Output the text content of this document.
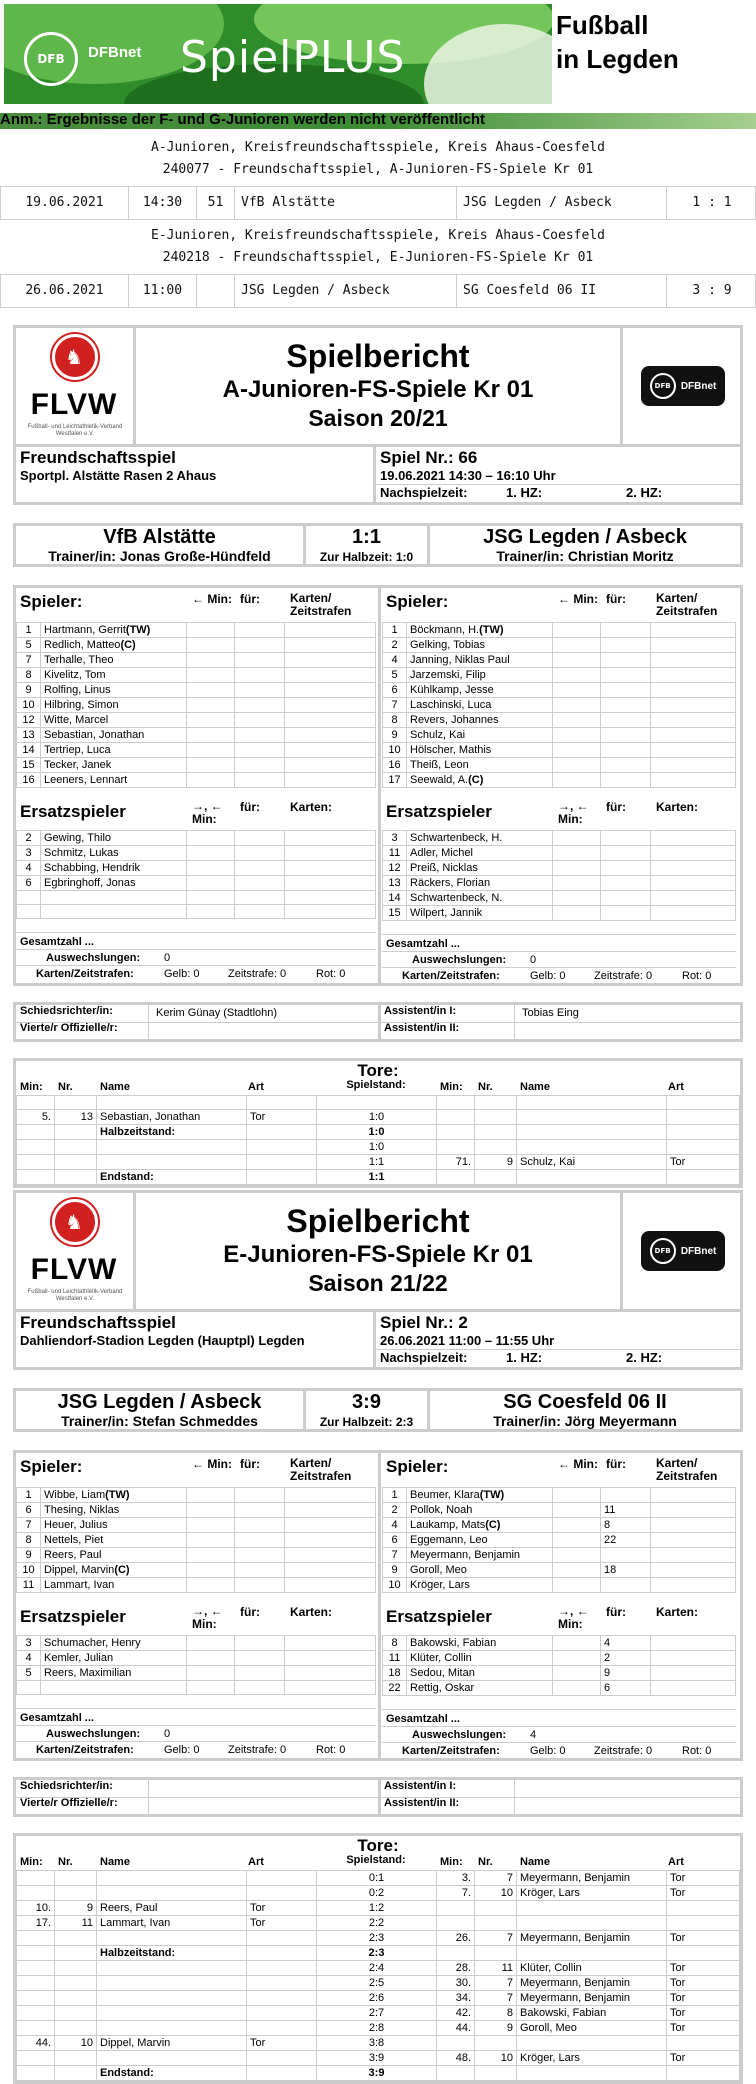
DFB DFBnet SpielPLUS
Fußball
in Legden
Anm.: Ergebnisse der F- und G-Junioren werden nicht veröffentlicht
A-Junioren, Kreisfreundschaftsspiele, Kreis Ahaus-Coesfeld
240077 - Freundschaftsspiel, A-Junioren-FS-Spiele Kr 01
19.06.2021	14:30	51	VfB Alstätte	JSG Legden / Asbeck	1 : 1
E-Junioren, Kreisfreundschaftsspiele, Kreis Ahaus-Coesfeld
240218 - Freundschaftsspiel, E-Junioren-FS-Spiele Kr 01
26.06.2021	11:00	JSG Legden / Asbeck	SG Coesfeld 06 II	3 : 9
♞
FLVW
Fußball- und Leichtathletik-Verband Westfalen e.V.
Spielbericht
A-Junioren-FS-Spiele Kr 01
Saison 20/21
DFB	DFBnet
Freundschaftsspiel
Sportpl. Alstätte Rasen 2 Ahaus
Spiel Nr.: 66
19.06.2021 14:30 – 16:10 Uhr
Nachspielzeit:	1. HZ:	2. HZ:
VfB Alstätte
Trainer/in: Jonas Große-Hündfeld
1:1
Zur Halbzeit: 1:0
JSG Legden / Asbeck
Trainer/in: Christian Moritz
Spieler:	← Min: für:	Karten/ Zeitstrafen
1	Hartmann, Gerrit(TW)			
5	Redlich, Matteo(C)			
7	Terhalle, Theo			
8	Kivelitz, Tom			
9	Rolfing, Linus			
10	Hilbring, Simon			
12	Witte, Marcel			
13	Sebastian, Jonathan			
14	Tertriep, Luca			
15	Tecker, Janek			
16	Leeners, Lennart			
Ersatzspieler	→, ← Min:
für:	Karten:
2	Gewing, Thilo			
3	Schmitz, Lukas			
4	Schabbing, Hendrik			
6	Egbringhoff, Jonas			

Gesamtzahl ...
Auswechslungen: 0
Karten/Zeitstrafen:	Gelb: 0	Zeitstrafe: 0	Rot: 0
Spieler:	← Min: für:	Karten/ Zeitstrafen
1	Böckmann, H.(TW)			
2	Gelking, Tobias			
4	Janning, Niklas Paul			
5	Jarzemski, Filip			
6	Kühlkamp, Jesse			
7	Laschinski, Luca			
8	Revers, Johannes			
9	Schulz, Kai			
10	Hölscher, Mathis			
16	Theiß, Leon			
17	Seewald, A.(C)			
Ersatzspieler	→, ← Min:
für:	Karten:
3	Schwartenbeck, H.			
11	Adler, Michel			
12	Preiß, Nicklas			
13	Räckers, Florian			
14	Schwartenbeck, N.			
15	Wilpert, Jannik			
Gesamtzahl ...
Auswechslungen: 0
Karten/Zeitstrafen:	Gelb: 0	Zeitstrafe: 0	Rot: 0
Schiedsrichter/in:	Kerim Günay (Stadtlohn)
Vierte/r Offizielle/r:
Assistent/in I:	Tobias Eing
Assistent/in II:
Tore:
Min: Nr. Name	Art	Spielstand:	Min: Nr. Name	Art

5.	13	Sebastian, Jonathan	Tor	1:0				
		Halbzeitstand:		1:0				
				1:0				
				1:1	71.	9	Schulz, Kai	Tor
		Endstand:		1:1				
♞
FLVW
Fußball- und Leichtathletik-Verband Westfalen e.V.
Spielbericht
E-Junioren-FS-Spiele Kr 01
Saison 21/22
DFB	DFBnet
Freundschaftsspiel
Dahliendorf-Stadion Legden (Hauptpl) Legden
Spiel Nr.: 2
26.06.2021 11:00 – 11:55 Uhr
Nachspielzeit:	1. HZ:	2. HZ:
JSG Legden / Asbeck
Trainer/in: Stefan Schmeddes
3:9
Zur Halbzeit: 2:3
SG Coesfeld 06 II
Trainer/in: Jörg Meyermann
Spieler:	← Min: für:	Karten/ Zeitstrafen
1	Wibbe, Liam(TW)			
6	Thesing, Niklas			
7	Heuer, Julius			
8	Nettels, Piet			
9	Reers, Paul			
10	Dippel, Marvin(C)			
11	Lammart, Ivan			
Ersatzspieler	→, ← Min:
für:	Karten:
3	Schumacher, Henry			
4	Kemler, Julian			
5	Reers, Maximilian			

Gesamtzahl ...
Auswechslungen: 0
Karten/Zeitstrafen:	Gelb: 0	Zeitstrafe: 0	Rot: 0
Spieler:	← Min: für:	Karten/ Zeitstrafen
1	Beumer, Klara(TW)			
2	Pollok, Noah		11	
4	Laukamp, Mats(C)		8	
6	Eggemann, Leo		22	
7	Meyermann, Benjamin			
9	Goroll, Meo		18	
10	Kröger, Lars			
Ersatzspieler	→, ← Min:
für:	Karten:
8	Bakowski, Fabian		4	
11	Klüter, Collin		2	
18	Sedou, Mitan		9	
22	Rettig, Oskar		6	
Gesamtzahl ...
Auswechslungen: 4
Karten/Zeitstrafen:	Gelb: 0	Zeitstrafe: 0	Rot: 0
Schiedsrichter/in:
Vierte/r Offizielle/r:
Assistent/in I:
Assistent/in II:
Tore:
Min: Nr. Name	Art	Spielstand:	Min: Nr. Name	Art
				0:1	3.	7	Meyermann, Benjamin	Tor
				0:2	7.	10	Kröger, Lars	Tor
10.	9	Reers, Paul	Tor	1:2				
17.	11	Lammart, Ivan	Tor	2:2				
				2:3	26.	7	Meyermann, Benjamin	Tor
		Halbzeitstand:		2:3				
				2:4	28.	11	Klüter, Collin	Tor
				2:5	30.	7	Meyermann, Benjamin	Tor
				2:6	34.	7	Meyermann, Benjamin	Tor
				2:7	42.	8	Bakowski, Fabian	Tor
				2:8	44.	9	Goroll, Meo	Tor
44.	10	Dippel, Marvin	Tor	3:8				
				3:9	48.	10	Kröger, Lars	Tor
		Endstand:		3:9				
